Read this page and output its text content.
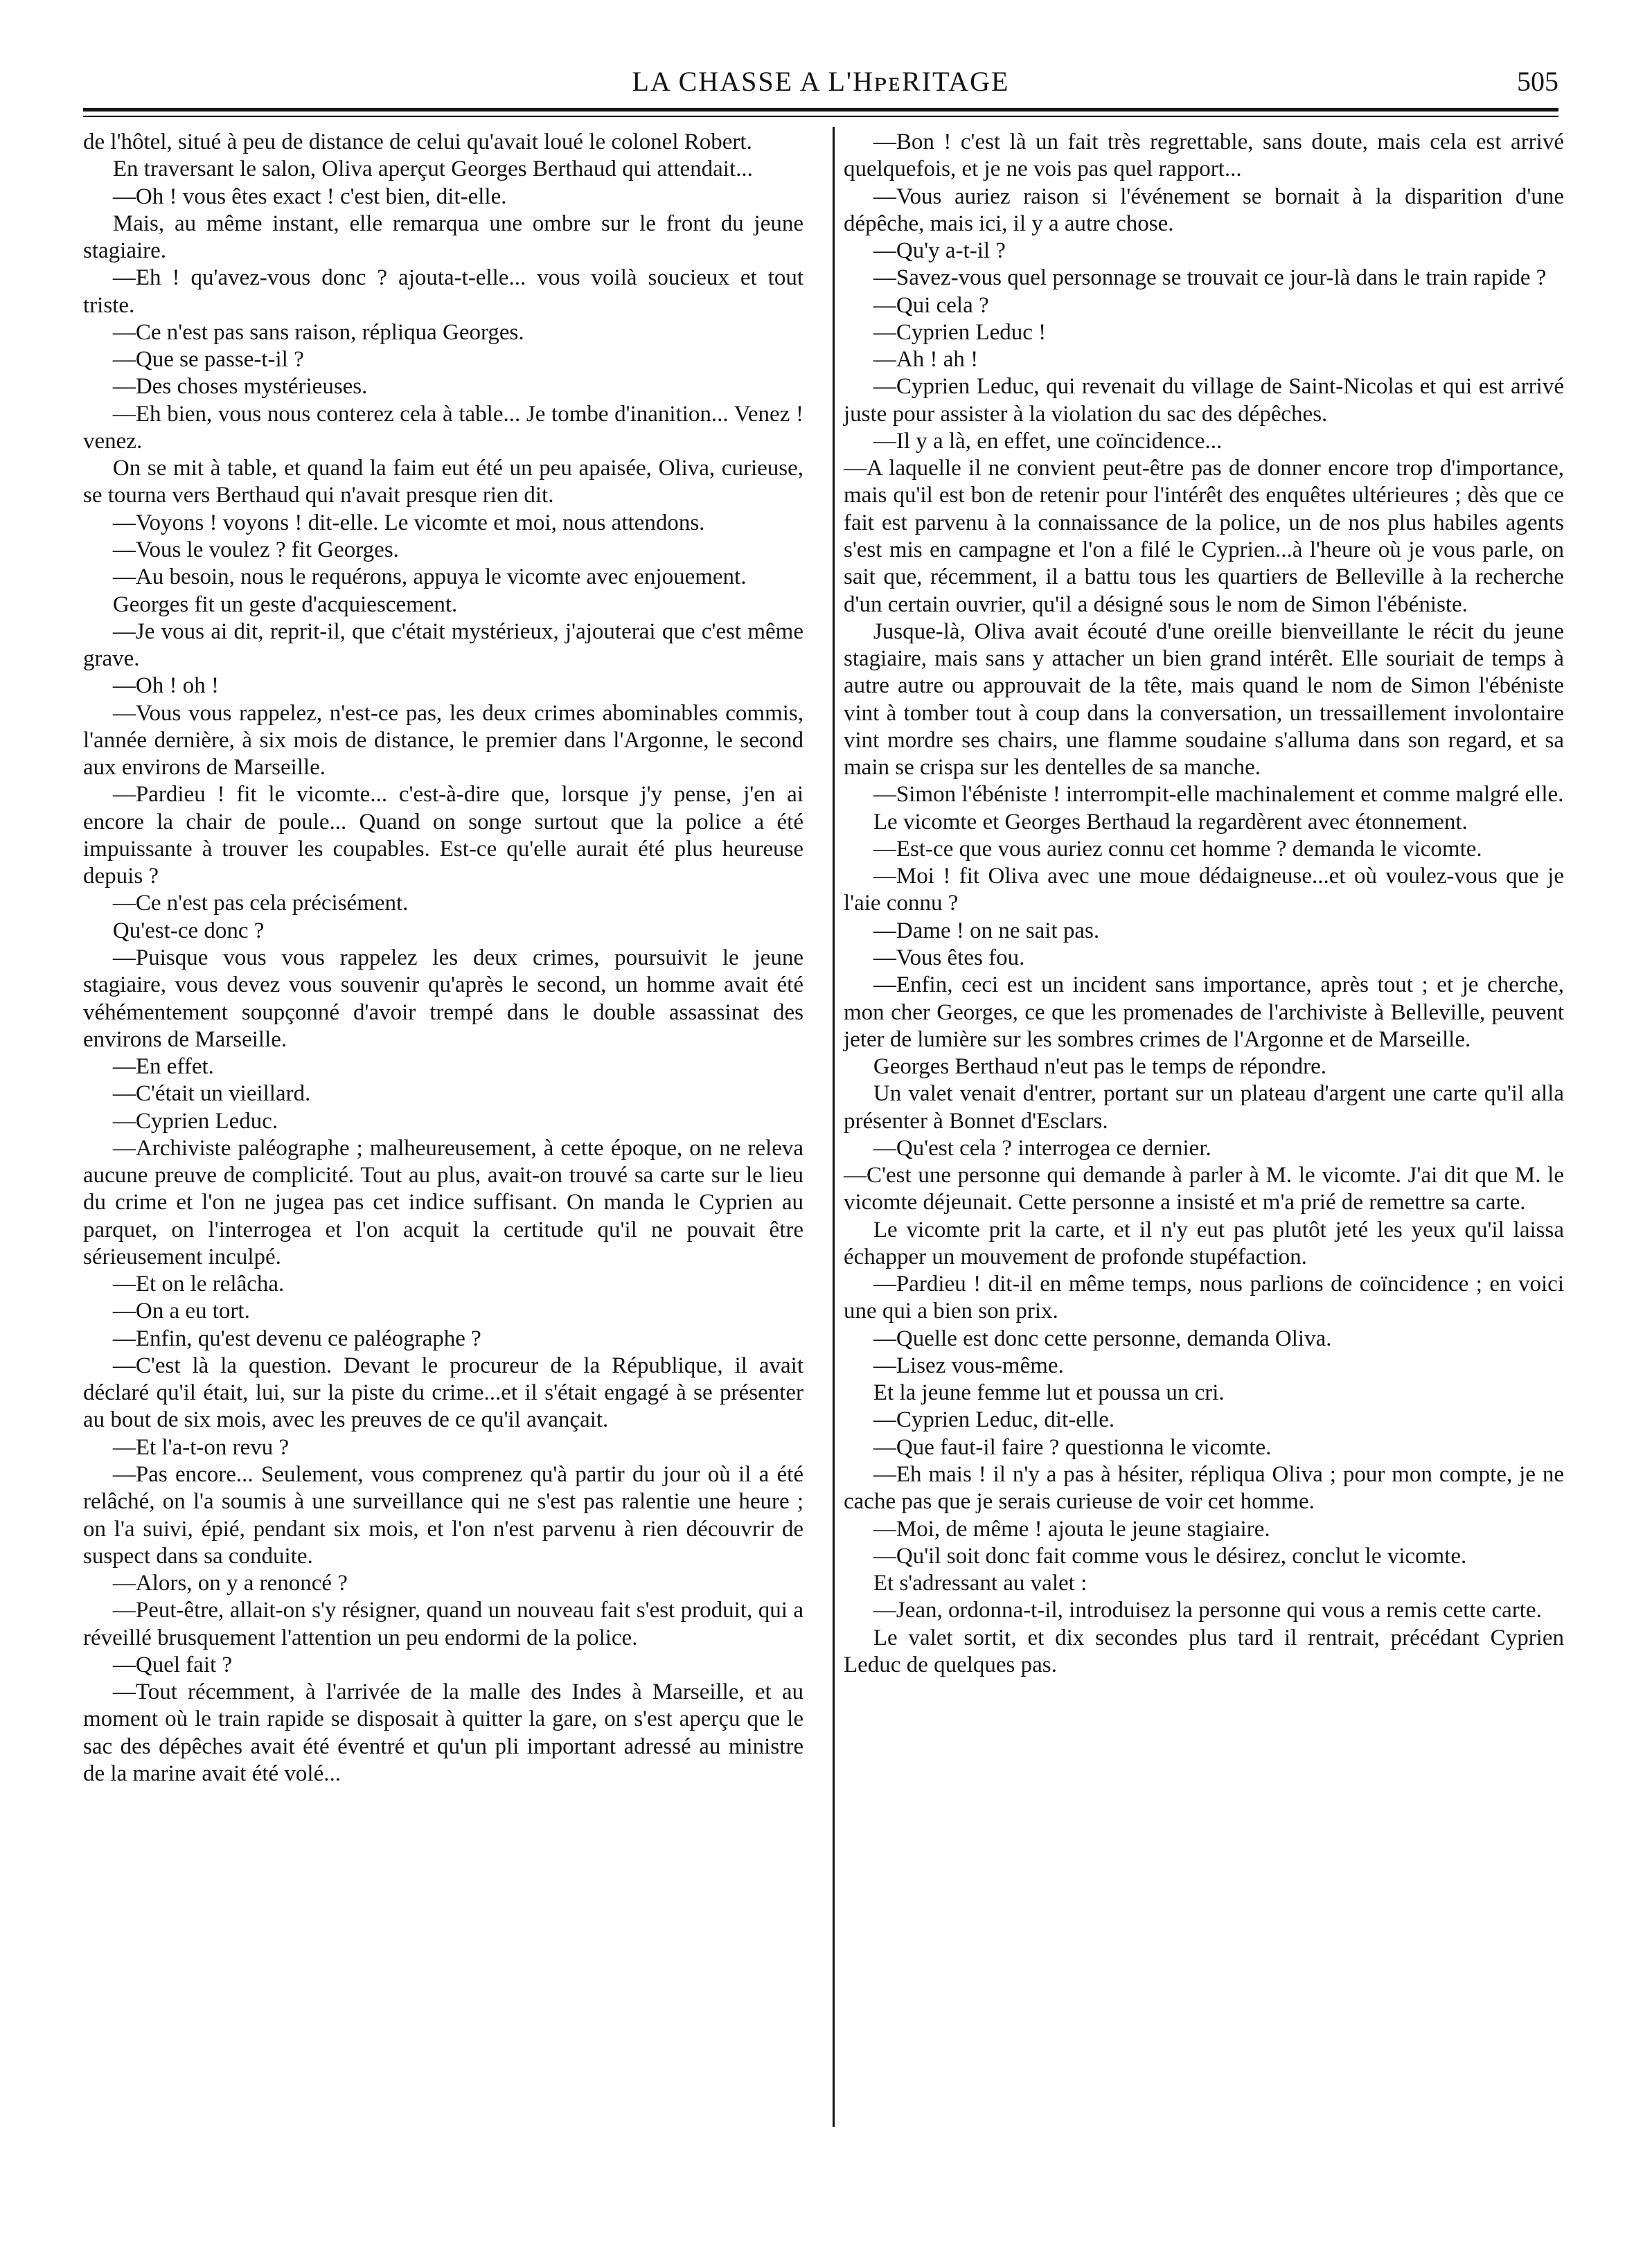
LA CHASSE A L'HᴘᴇRITAGE	505

de l'hôtel, situé à peu de distance de celui qu'avait loué le colonel Robert.

En traversant le salon, Oliva aperçut Georges Berthaud qui attendait...

—Oh ! vous êtes exact ! c'est bien, dit-elle.

Mais, au même instant, elle remarqua une ombre sur le front du jeune stagiaire.

—Eh ! qu'avez-vous donc ? ajouta-t-elle... vous voilà soucieux et tout triste.

—Ce n'est pas sans raison, répliqua Georges.

—Que se passe-t-il ?

—Des choses mystérieuses.

—Eh bien, vous nous conterez cela à table... Je tombe d'inanition... Venez ! venez.

On se mit à table, et quand la faim eut été un peu apaisée, Oliva, curieuse, se tourna vers Berthaud qui n'avait presque rien dit.

—Voyons ! voyons ! dit-elle. Le vicomte et moi, nous attendons.

—Vous le voulez ? fit Georges.

—Au besoin, nous le requérons, appuya le vicomte avec enjouement.

Georges fit un geste d'acquiescement.

—Je vous ai dit, reprit-il, que c'était mystérieux, j'ajouterai que c'est même grave.

—Oh ! oh !

—Vous vous rappelez, n'est-ce pas, les deux crimes abominables commis, l'année dernière, à six mois de distance, le premier dans l'Argonne, le second aux environs de Marseille.

—Pardieu ! fit le vicomte... c'est-à-dire que, lorsque j'y pense, j'en ai encore la chair de poule... Quand on songe surtout que la police a été impuissante à trouver les coupables. Est-ce qu'elle aurait été plus heureuse depuis ?

—Ce n'est pas cela précisément.

Qu'est-ce donc ?

—Puisque vous vous rappelez les deux crimes, poursuivit le jeune stagiaire, vous devez vous souvenir qu'après le second, un homme avait été véhémentement soupçonné d'avoir trempé dans le double assassinat des environs de Marseille.

—En effet.

—C'était un vieillard.

—Cyprien Leduc.

—Archiviste paléographe ; malheureusement, à cette époque, on ne releva aucune preuve de complicité. Tout au plus, avait-on trouvé sa carte sur le lieu du crime et l'on ne jugea pas cet indice suffisant. On manda le Cyprien au parquet, on l'interrogea et l'on acquit la certitude qu'il ne pouvait être sérieusement inculpé.

—Et on le relâcha.

—On a eu tort.

—Enfin, qu'est devenu ce paléographe ?

—C'est là la question. Devant le procureur de la République, il avait déclaré qu'il était, lui, sur la piste du crime...et il s'était engagé à se présenter au bout de six mois, avec les preuves de ce qu'il avançait.

—Et l'a-t-on revu ?

—Pas encore... Seulement, vous comprenez qu'à partir du jour où il a été relâché, on l'a soumis à une surveillance qui ne s'est pas ralentie une heure ; on l'a suivi, épié, pendant six mois, et l'on n'est parvenu à rien découvrir de suspect dans sa conduite.

—Alors, on y a renoncé ?

—Peut-être, allait-on s'y résigner, quand un nouveau fait s'est produit, qui a réveillé brusquement l'attention un peu endormi de la police.

—Quel fait ?

—Tout récemment, à l'arrivée de la malle des Indes à Marseille, et au moment où le train rapide se disposait à quitter la gare, on s'est aperçu que le sac des dépêches avait été éventré et qu'un pli important adressé au ministre de la marine avait été volé...

—Bon ! c'est là un fait très regrettable, sans doute, mais cela est arrivé quelquefois, et je ne vois pas quel rapport...

—Vous auriez raison si l'événement se bornait à la disparition d'une dépêche, mais ici, il y a autre chose.

—Qu'y a-t-il ?

—Savez-vous quel personnage se trouvait ce jour-là dans le train rapide ?

—Qui cela ?

—Cyprien Leduc !

—Ah ! ah !

—Cyprien Leduc, qui revenait du village de Saint-Nicolas et qui est arrivé juste pour assister à la violation du sac des dépêches.

—Il y a là, en effet, une coïncidence...

—A laquelle il ne convient peut-être pas de donner encore trop d'importance, mais qu'il est bon de retenir pour l'intérêt des enquêtes ultérieures ; dès que ce fait est parvenu à la connaissance de la police, un de nos plus habiles agents s'est mis en campagne et l'on a filé le Cyprien...à l'heure où je vous parle, on sait que, récemment, il a battu tous les quartiers de Belleville à la recherche d'un certain ouvrier, qu'il a désigné sous le nom de Simon l'ébéniste.

Jusque-là, Oliva avait écouté d'une oreille bienveillante le récit du jeune stagiaire, mais sans y attacher un bien grand intérêt. Elle souriait de temps à autre autre ou approuvait de la tête, mais quand le nom de Simon l'ébéniste vint à tomber tout à coup dans la conversation, un tressaillement involontaire vint mordre ses chairs, une flamme soudaine s'alluma dans son regard, et sa main se crispa sur les dentelles de sa manche.

—Simon l'ébéniste ! interrompit-elle machinalement et comme malgré elle.

Le vicomte et Georges Berthaud la regardèrent avec étonnement.

—Est-ce que vous auriez connu cet homme ? demanda le vicomte.

—Moi ! fit Oliva avec une moue dédaigneuse...et où voulez-vous que je l'aie connu ?

—Dame ! on ne sait pas.

—Vous êtes fou.

—Enfin, ceci est un incident sans importance, après tout ; et je cherche, mon cher Georges, ce que les promenades de l'archiviste à Belleville, peuvent jeter de lumière sur les sombres crimes de l'Argonne et de Marseille.

Georges Berthaud n'eut pas le temps de répondre.

Un valet venait d'entrer, portant sur un plateau d'argent une carte qu'il alla présenter à Bonnet d'Esclars.

—Qu'est cela ? interrogea ce dernier.

—C'est une personne qui demande à parler à M. le vicomte. J'ai dit que M. le vicomte déjeunait. Cette personne a insisté et m'a prié de remettre sa carte.

Le vicomte prit la carte, et il n'y eut pas plutôt jeté les yeux qu'il laissa échapper un mouvement de profonde stupéfaction.

—Pardieu ! dit-il en même temps, nous parlions de coïncidence ; en voici une qui a bien son prix.

—Quelle est donc cette personne, demanda Oliva.

—Lisez vous-même.

Et la jeune femme lut et poussa un cri.

—Cyprien Leduc, dit-elle.

—Que faut-il faire ? questionna le vicomte.

—Eh mais ! il n'y a pas à hésiter, répliqua Oliva ; pour mon compte, je ne cache pas que je serais curieuse de voir cet homme.

—Moi, de même ! ajouta le jeune stagiaire.

—Qu'il soit donc fait comme vous le désirez, conclut le vicomte.

Et s'adressant au valet :

—Jean, ordonna-t-il, introduisez la personne qui vous a remis cette carte.

Le valet sortit, et dix secondes plus tard il rentrait, précédant Cyprien Leduc de quelques pas.
